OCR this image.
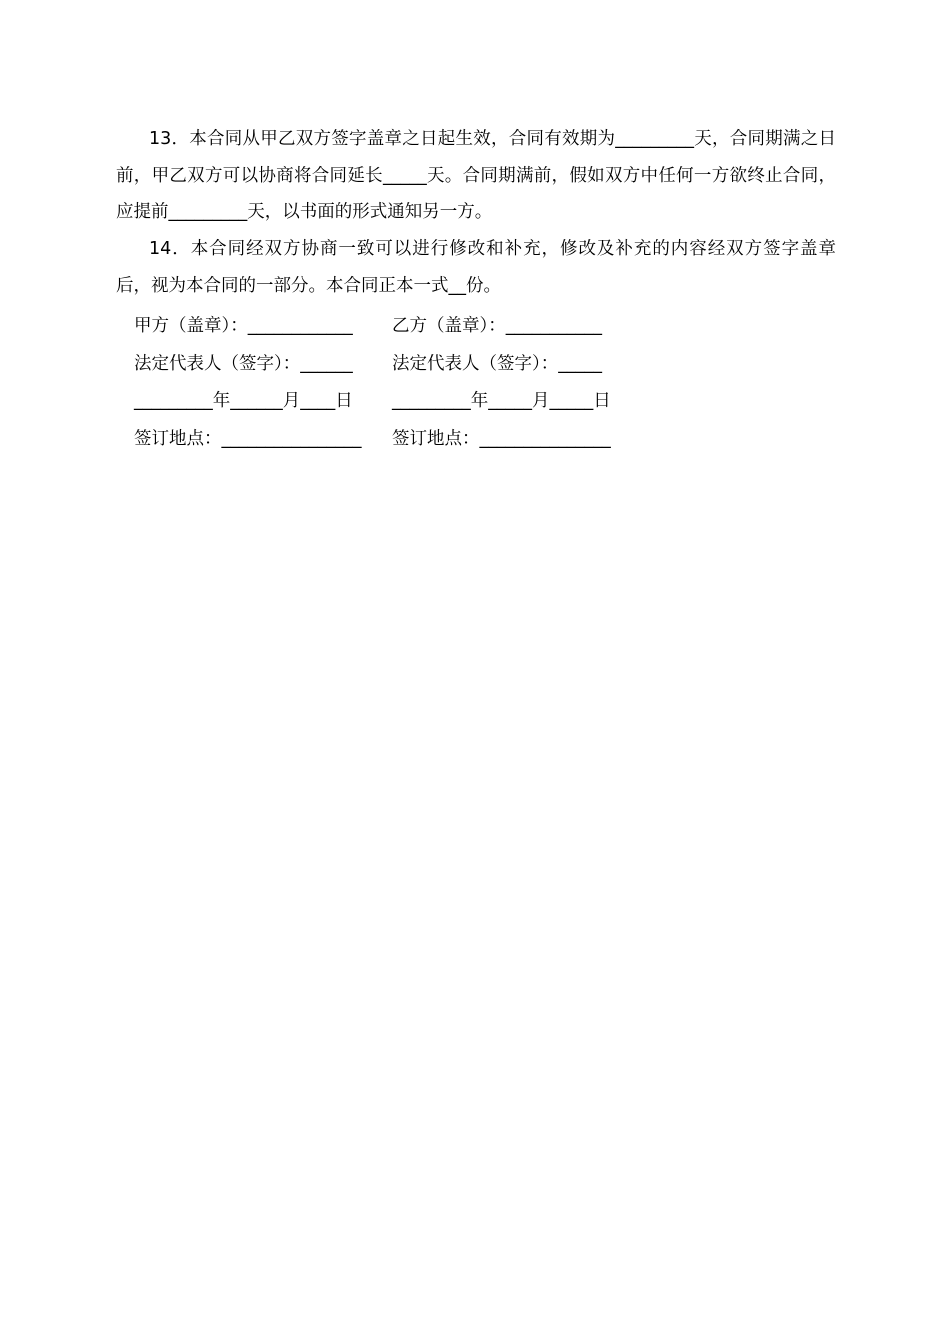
13．本合同从甲乙双方签字盖章之日起生效，合同有效期为_________天，合同期满之日前，甲乙双方可以协商将合同延长_____天。合同期满前，假如双方中任何一方欲终止合同，应提前_________天，以书面的形式通知另一方。

14．本合同经双方协商一致可以进行修改和补充，修改及补充的内容经双方签字盖章后，视为本合同的一部分。本合同正本一式__份。

甲方（盖章）：____________	乙方（盖章）：___________
法定代表人（签字）：______	法定代表人（签字）：_____
_________年______月____日	_________年_____月_____日
签订地点：________________	签订地点：_______________
